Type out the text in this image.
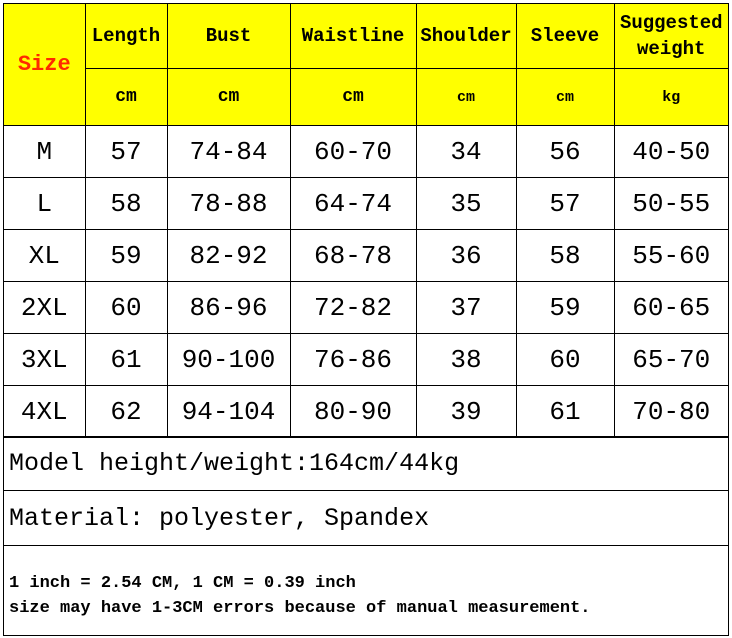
Size	Length	Bust	Waistline	Shoulder	Sleeve	Suggested weight
	cm	cm	cm	cm	cm	kg
M	57	74-84	60-70	34	56	40-50
L	58	78-88	64-74	35	57	50-55
XL	59	82-92	68-78	36	58	55-60
2XL	60	86-96	72-82	37	59	60-65
3XL	61	90-100	76-86	38	60	65-70
4XL	62	94-104	80-90	39	61	70-80
Model height/weight:164cm/44kg
Material: polyester, Spandex
1 inch = 2.54 CM, 1 CM = 0.39 inch
size may have 1-3CM errors because of manual measurement.
